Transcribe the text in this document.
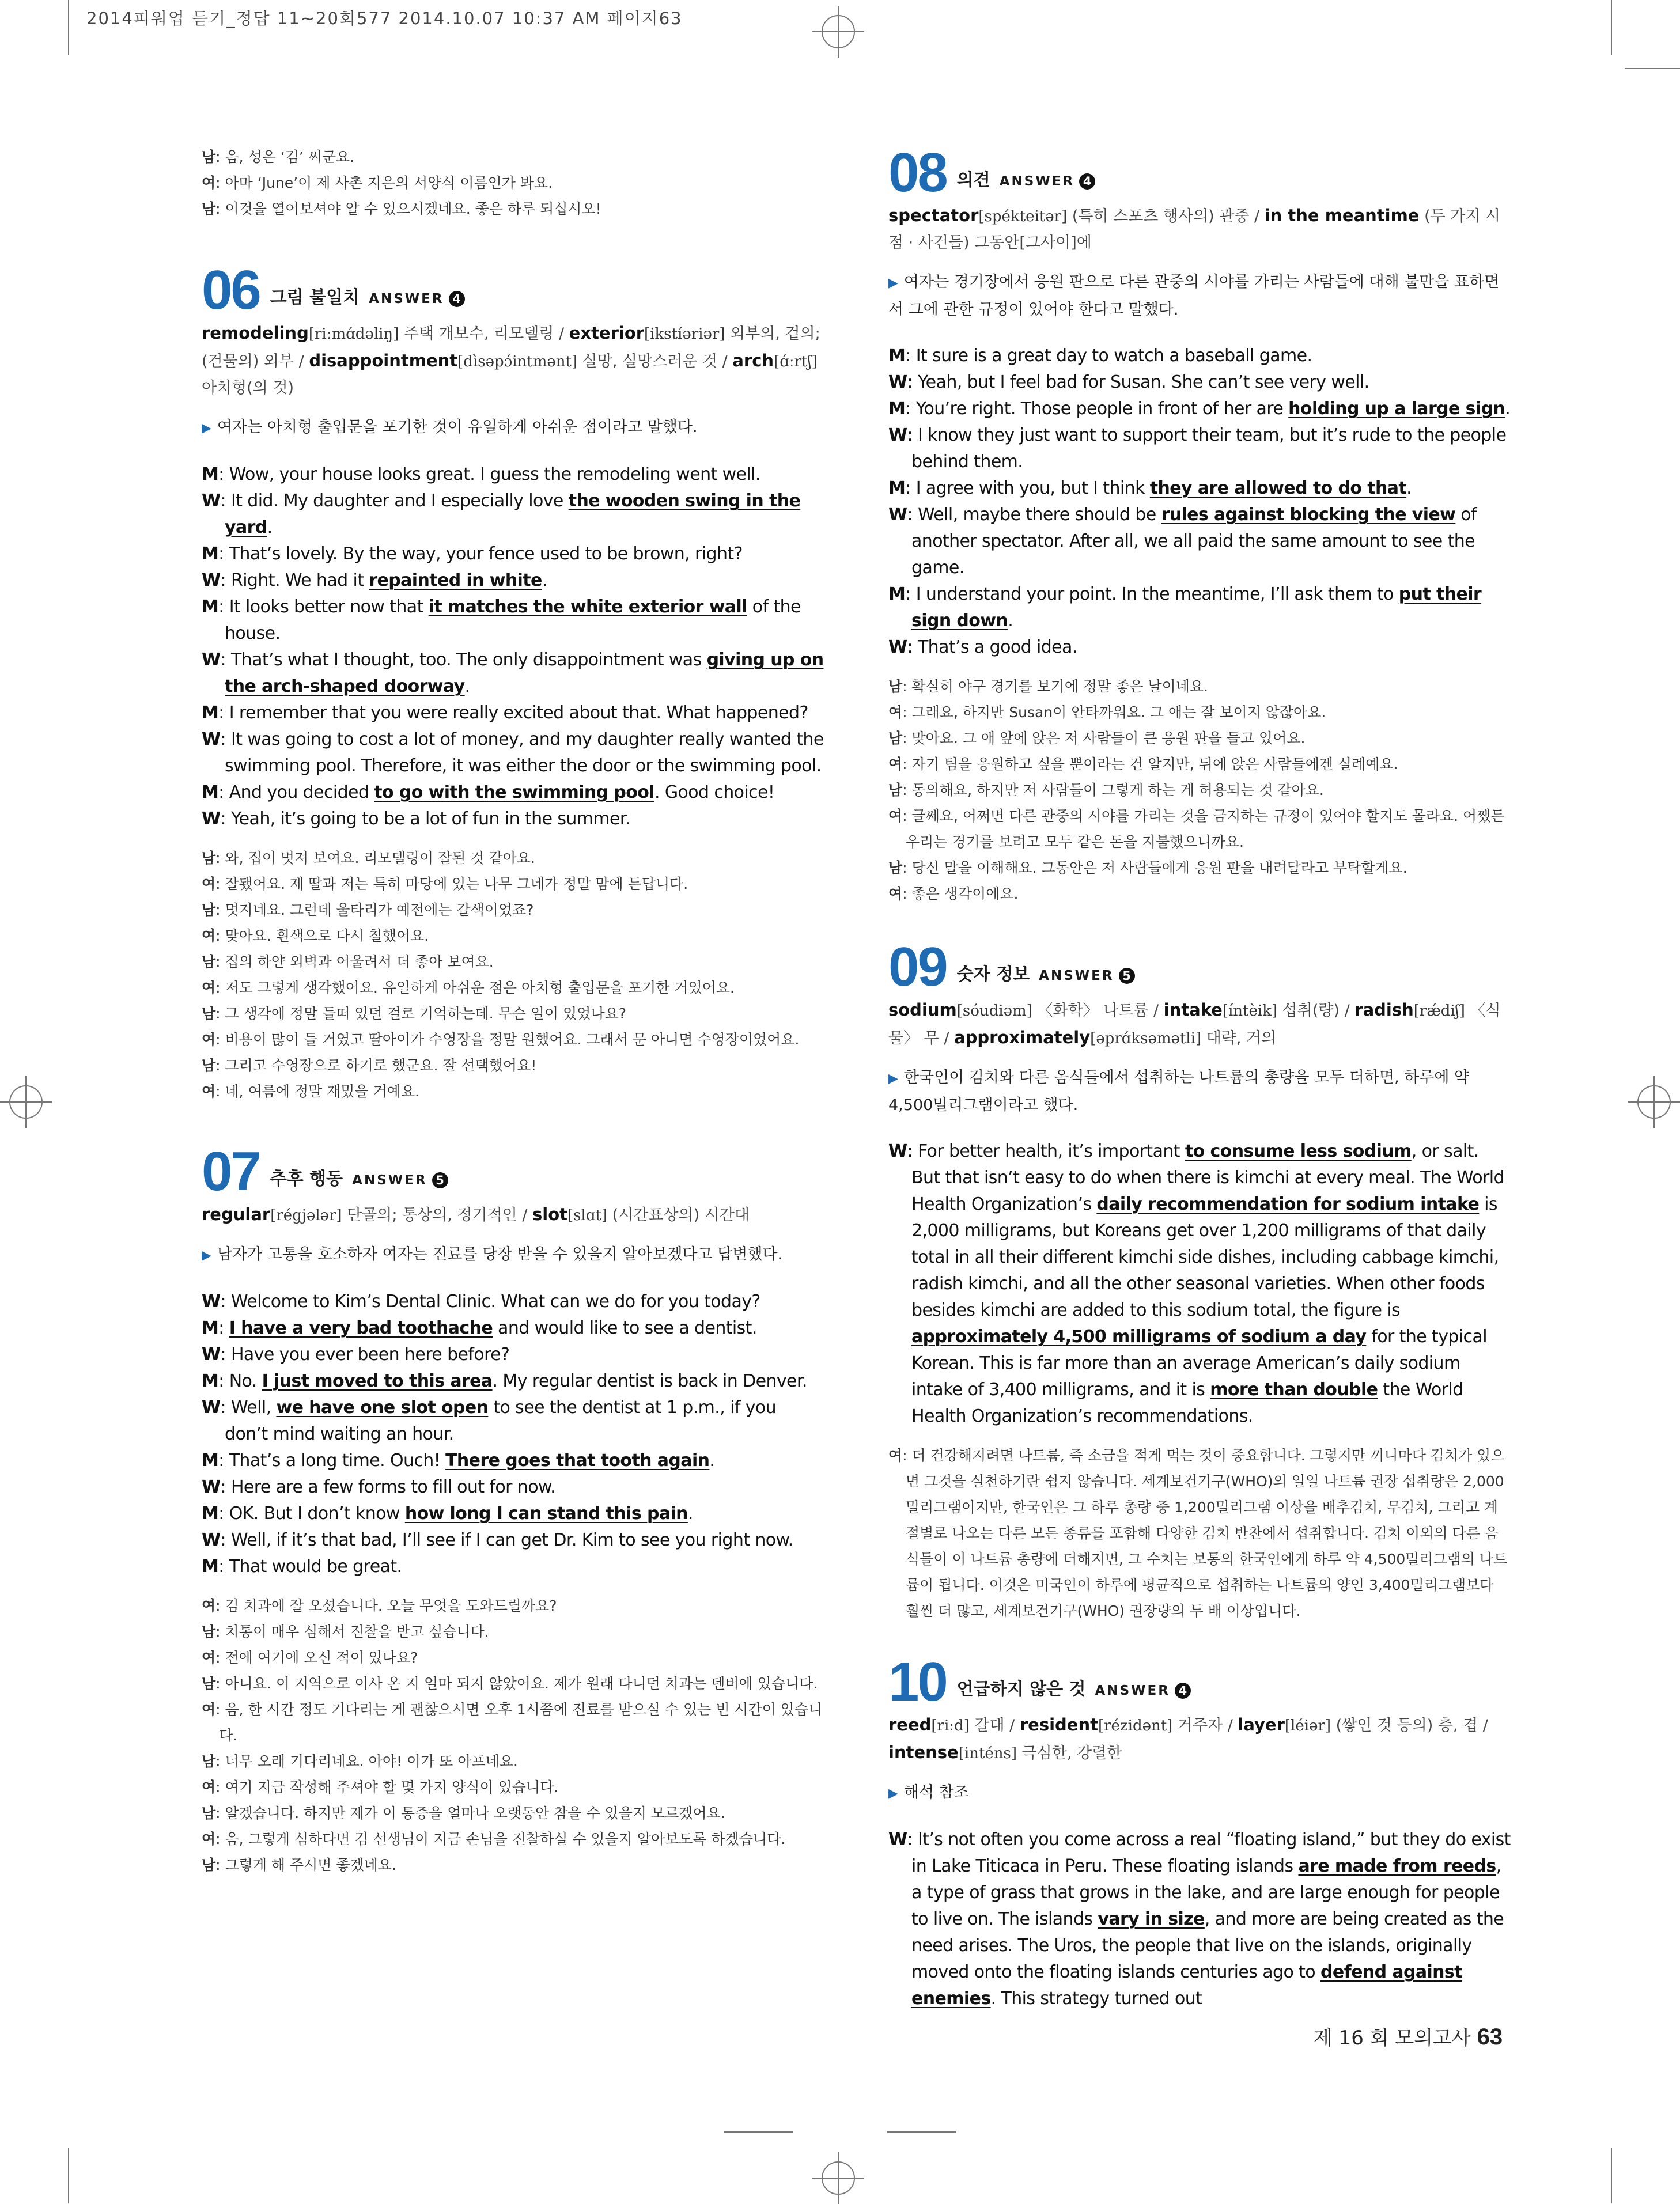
2014피워업 듣기_정답 11~20회577 2014.10.07 10:37 AM 페이지63

남: 음, 성은 ‘김’ 씨군요.

여: 아마 ‘June’이 제 사촌 지은의 서양식 이름인가 봐요.

남: 이것을 열어보셔야 알 수 있으시겠네요. 좋은 하루 되십시오!

06 그림 불일치 ANSWER 4

remodeling[riːmɑ́dəliŋ] 주택 개보수, 리모델링 / exterior[ikstíəriər] 외부의, 겉의; (건물의) 외부 / disappointment[dìsəpɔ́intmənt] 실망, 실망스러운 것 / arch[ɑ́ːrtʃ] 아치형(의 것)

▶ 여자는 아치형 출입문을 포기한 것이 유일하게 아쉬운 점이라고 말했다.

M: Wow, your house looks great. I guess the remodeling went well.

W: It did. My daughter and I especially love the wooden swing in the yard.

M: That’s lovely. By the way, your fence used to be brown, right?

W: Right. We had it repainted in white.

M: It looks better now that it matches the white exterior wall of the house.

W: That’s what I thought, too. The only disappointment was giving up on the arch-shaped doorway.

M: I remember that you were really excited about that. What happened?

W: It was going to cost a lot of money, and my daughter really wanted the swimming pool. Therefore, it was either the door or the swimming pool.

M: And you decided to go with the swimming pool. Good choice!

W: Yeah, it’s going to be a lot of fun in the summer.

남: 와, 집이 멋져 보여요. 리모델링이 잘된 것 같아요.

여: 잘됐어요. 제 딸과 저는 특히 마당에 있는 나무 그네가 정말 맘에 든답니다.

남: 멋지네요. 그런데 울타리가 예전에는 갈색이었죠?

여: 맞아요. 흰색으로 다시 칠했어요.

남: 집의 하얀 외벽과 어울려서 더 좋아 보여요.

여: 저도 그렇게 생각했어요. 유일하게 아쉬운 점은 아치형 출입문을 포기한 거였어요.

남: 그 생각에 정말 들떠 있던 걸로 기억하는데. 무슨 일이 있었나요?

여: 비용이 많이 들 거였고 딸아이가 수영장을 정말 원했어요. 그래서 문 아니면 수영장이었어요.

남: 그리고 수영장으로 하기로 했군요. 잘 선택했어요!

여: 네, 여름에 정말 재밌을 거예요.

07 추후 행동 ANSWER 5

regular[régjələr] 단골의; 통상의, 정기적인 / slot[slɑt] (시간표상의) 시간대

▶ 남자가 고통을 호소하자 여자는 진료를 당장 받을 수 있을지 알아보겠다고 답변했다.

W: Welcome to Kim’s Dental Clinic. What can we do for you today?

M: I have a very bad toothache and would like to see a dentist.

W: Have you ever been here before?

M: No. I just moved to this area. My regular dentist is back in Denver.

W: Well, we have one slot open to see the dentist at 1 p.m., if you don’t mind waiting an hour.

M: That’s a long time. Ouch! There goes that tooth again.

W: Here are a few forms to fill out for now.

M: OK. But I don’t know how long I can stand this pain.

W: Well, if it’s that bad, I’ll see if I can get Dr. Kim to see you right now.

M: That would be great.

여: 김 치과에 잘 오셨습니다. 오늘 무엇을 도와드릴까요?

남: 치통이 매우 심해서 진찰을 받고 싶습니다.

여: 전에 여기에 오신 적이 있나요?

남: 아니요. 이 지역으로 이사 온 지 얼마 되지 않았어요. 제가 원래 다니던 치과는 덴버에 있습니다.

여: 음, 한 시간 정도 기다리는 게 괜찮으시면 오후 1시쯤에 진료를 받으실 수 있는 빈 시간이 있습니다.

남: 너무 오래 기다리네요. 아야! 이가 또 아프네요.

여: 여기 지금 작성해 주셔야 할 몇 가지 양식이 있습니다.

남: 알겠습니다. 하지만 제가 이 통증을 얼마나 오랫동안 참을 수 있을지 모르겠어요.

여: 음, 그렇게 심하다면 김 선생님이 지금 손님을 진찰하실 수 있을지 알아보도록 하겠습니다.

남: 그렇게 해 주시면 좋겠네요.

08 의견 ANSWER 4

spectator[spékteitər] (특히 스포츠 행사의) 관중 / in the meantime (두 가지 시점 · 사건들) 그동안[그사이]에

▶ 여자는 경기장에서 응원 판으로 다른 관중의 시야를 가리는 사람들에 대해 불만을 표하면서 그에 관한 규정이 있어야 한다고 말했다.

M: It sure is a great day to watch a baseball game.

W: Yeah, but I feel bad for Susan. She can’t see very well.

M: You’re right. Those people in front of her are holding up a large sign.

W: I know they just want to support their team, but it’s rude to the people behind them.

M: I agree with you, but I think they are allowed to do that.

W: Well, maybe there should be rules against blocking the view of another spectator. After all, we all paid the same amount to see the game.

M: I understand your point. In the meantime, I’ll ask them to put their sign down.

W: That’s a good idea.

남: 확실히 야구 경기를 보기에 정말 좋은 날이네요.

여: 그래요, 하지만 Susan이 안타까워요. 그 애는 잘 보이지 않잖아요.

남: 맞아요. 그 애 앞에 앉은 저 사람들이 큰 응원 판을 들고 있어요.

여: 자기 팀을 응원하고 싶을 뿐이라는 건 알지만, 뒤에 앉은 사람들에겐 실례예요.

남: 동의해요, 하지만 저 사람들이 그렇게 하는 게 허용되는 것 같아요.

여: 글쎄요, 어쩌면 다른 관중의 시야를 가리는 것을 금지하는 규정이 있어야 할지도 몰라요. 어쨌든 우리는 경기를 보려고 모두 같은 돈을 지불했으니까요.

남: 당신 말을 이해해요. 그동안은 저 사람들에게 응원 판을 내려달라고 부탁할게요.

여: 좋은 생각이에요.

09 숫자 정보 ANSWER 5

sodium[sóudiəm] 〈화학〉 나트륨 / intake[íntèik] 섭취(량) / radish[rǽdiʃ] 〈식물〉 무 / approximately[əprɑ́ksəmətli] 대략, 거의

▶ 한국인이 김치와 다른 음식들에서 섭취하는 나트륨의 총량을 모두 더하면, 하루에 약 4,500밀리그램이라고 했다.

W: For better health, it’s important to consume less sodium, or salt. But that isn’t easy to do when there is kimchi at every meal. The World Health Organization’s daily recommendation for sodium intake is 2,000 milligrams, but Koreans get over 1,200 milligrams of that daily total in all their different kimchi side dishes, including cabbage kimchi, radish kimchi, and all the other seasonal varieties. When other foods besides kimchi are added to this sodium total, the figure is approximately 4,500 milligrams of sodium a day for the typical Korean. This is far more than an average American’s daily sodium intake of 3,400 milligrams, and it is more than double the World Health Organization’s recommendations.

여: 더 건강해지려면 나트륨, 즉 소금을 적게 먹는 것이 중요합니다. 그렇지만 끼니마다 김치가 있으면 그것을 실천하기란 쉽지 않습니다. 세계보건기구(WHO)의 일일 나트륨 권장 섭취량은 2,000밀리그램이지만, 한국인은 그 하루 총량 중 1,200밀리그램 이상을 배추김치, 무김치, 그리고 계절별로 나오는 다른 모든 종류를 포함해 다양한 김치 반찬에서 섭취합니다. 김치 이외의 다른 음식들이 이 나트륨 총량에 더해지면, 그 수치는 보통의 한국인에게 하루 약 4,500밀리그램의 나트륨이 됩니다. 이것은 미국인이 하루에 평균적으로 섭취하는 나트륨의 양인 3,400밀리그램보다 훨씬 더 많고, 세계보건기구(WHO) 권장량의 두 배 이상입니다.

10 언급하지 않은 것 ANSWER 4

reed[riːd] 갈대 / resident[rézidənt] 거주자 / layer[léiər] (쌓인 것 등의) 층, 겹 / intense[inténs] 극심한, 강렬한

▶ 해석 참조

W: It’s not often you come across a real “floating island,” but they do exist in Lake Titicaca in Peru. These floating islands are made from reeds, a type of grass that grows in the lake, and are large enough for people to live on. The islands vary in size, and more are being created as the need arises. The Uros, the people that live on the islands, originally moved onto the floating islands centuries ago to defend against enemies. This strategy turned out

제 16 회 모의고사 63
